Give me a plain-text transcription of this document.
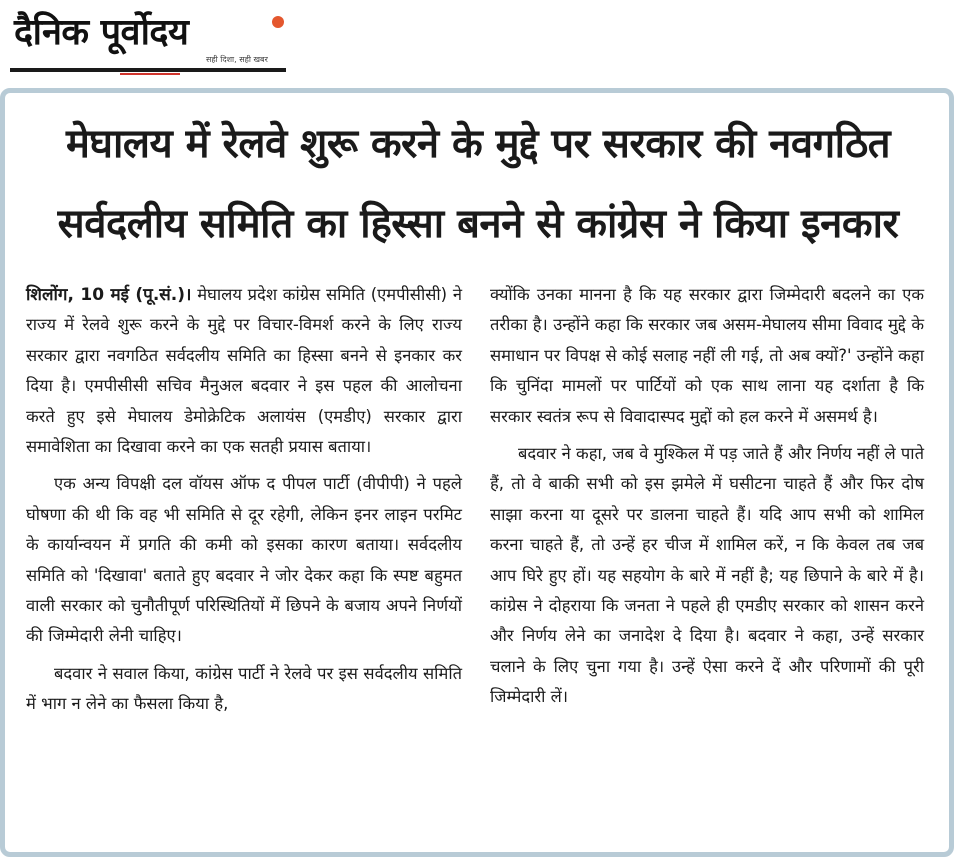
दैनिक पूर्वोदय
सही दिशा, सही खबर
मेघालय में रेलवे शुरू करने के मुद्दे पर सरकार की नवगठित
सर्वदलीय समिति का हिस्सा बनने से कांग्रेस ने किया इनकार

शिलोंग, 10 मई (पू.सं.)। मेघालय प्रदेश कांग्रेस समिति (एमपीसीसी) ने राज्य में रेलवे शुरू करने के मुद्दे पर विचार-विमर्श करने के लिए राज्य सरकार द्वारा नवगठित सर्वदलीय समिति का हिस्सा बनने से इनकार कर दिया है। एमपीसीसी सचिव मैनुअल बदवार ने इस पहल की आलोचना करते हुए इसे मेघालय डेमोक्रेटिक अलायंस (एमडीए) सरकार द्वारा समावेशिता का दिखावा करने का एक सतही प्रयास बताया।

एक अन्य विपक्षी दल वॉयस ऑफ द पीपल पार्टी (वीपीपी) ने पहले घोषणा की थी कि वह भी समिति से दूर रहेगी, लेकिन इनर लाइन परमिट के कार्यान्वयन में प्रगति की कमी को इसका कारण बताया। सर्वदलीय समिति को 'दिखावा' बताते हुए बदवार ने जोर देकर कहा कि स्पष्ट बहुमत वाली सरकार को चुनौतीपूर्ण परिस्थितियों में छिपने के बजाय अपने निर्णयों की जिम्मेदारी लेनी चाहिए।

बदवार ने सवाल किया, कांग्रेस पार्टी ने रेलवे पर इस सर्वदलीय समिति में भाग न लेने का फैसला किया है,

क्योंकि उनका मानना है कि यह सरकार द्वारा जिम्मेदारी बदलने का एक तरीका है। उन्होंने कहा कि सरकार जब असम-मेघालय सीमा विवाद मुद्दे के समाधान पर विपक्ष से कोई सलाह नहीं ली गई, तो अब क्यों?' उन्होंने कहा कि चुनिंदा मामलों पर पार्टियों को एक साथ लाना यह दर्शाता है कि सरकार स्वतंत्र रूप से विवादास्पद मुद्दों को हल करने में असमर्थ है।

बदवार ने कहा, जब वे मुश्किल में पड़ जाते हैं और निर्णय नहीं ले पाते हैं, तो वे बाकी सभी को इस झमेले में घसीटना चाहते हैं और फिर दोष साझा करना या दूसरे पर डालना चाहते हैं। यदि आप सभी को शामिल करना चाहते हैं, तो उन्हें हर चीज में शामिल करें, न कि केवल तब जब आप घिरे हुए हों। यह सहयोग के बारे में नहीं है; यह छिपाने के बारे में है। कांग्रेस ने दोहराया कि जनता ने पहले ही एमडीए सरकार को शासन करने और निर्णय लेने का जनादेश दे दिया है। बदवार ने कहा, उन्हें सरकार चलाने के लिए चुना गया है। उन्हें ऐसा करने दें और परिणामों की पूरी जिम्मेदारी लें।
